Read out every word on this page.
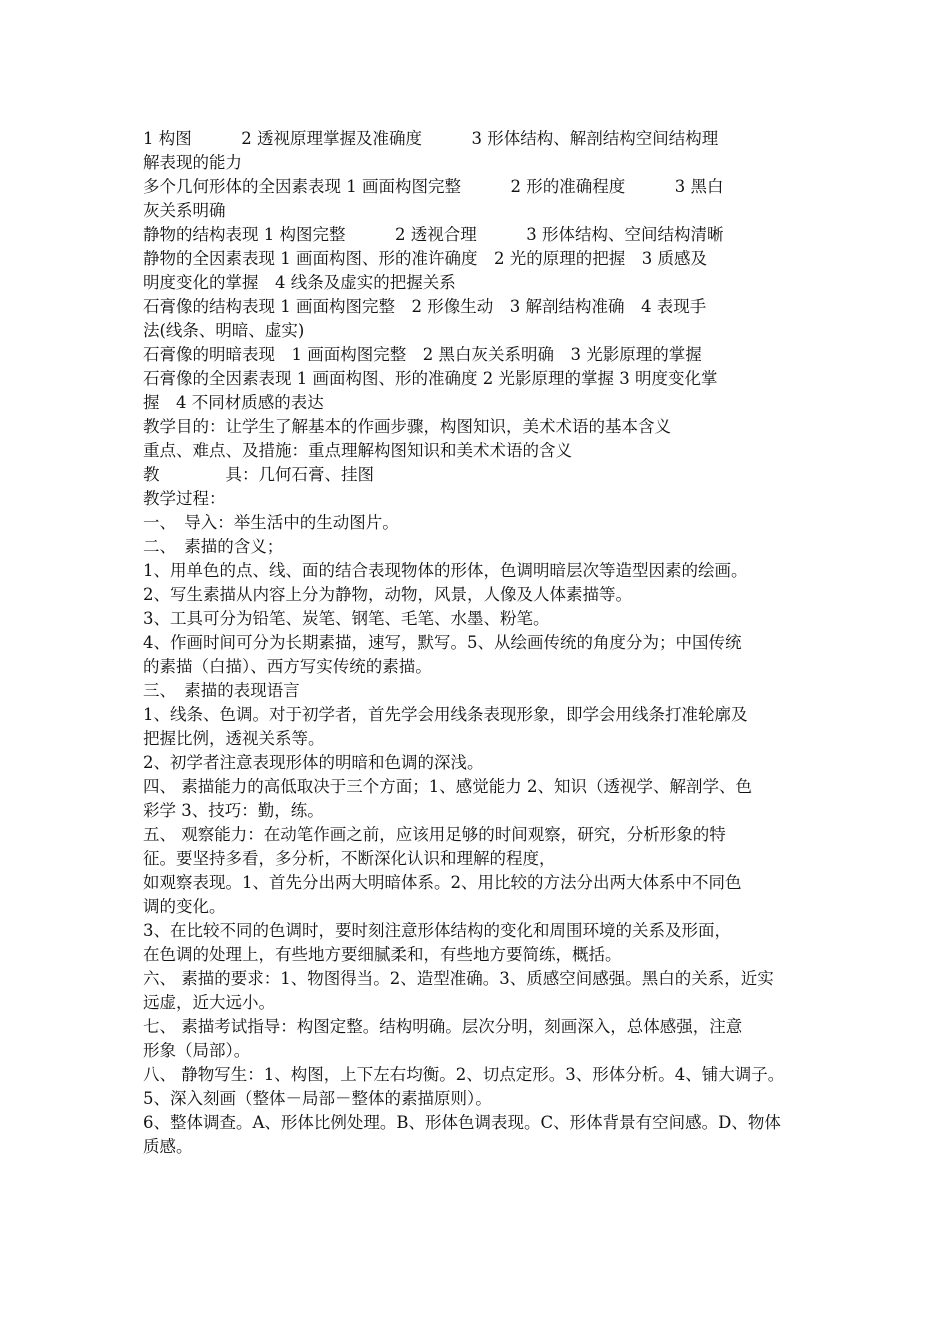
1 构图　　　2 透视原理掌握及准确度　　　3 形体结构、解剖结构空间结构理
解表现的能力
多个几何形体的全因素表现 1 画面构图完整　　　2 形的准确程度　　　3 黑白
灰关系明确
静物的结构表现 1 构图完整　　　2 透视合理　　　3 形体结构、空间结构清晰
静物的全因素表现 1 画面构图、形的准许确度　2 光的原理的把握　3 质感及
明度变化的掌握　4 线条及虚实的把握关系
石膏像的结构表现 1 画面构图完整　2 形像生动　3 解剖结构准确　4 表现手
法(线条、明暗、虚实)
石膏像的明暗表现　1 画面构图完整　2 黑白灰关系明确　3 光影原理的掌握
石膏像的全因素表现 1 画面构图、形的准确度 2 光影原理的掌握 3 明度变化掌
握　4 不同材质感的表达
教学目的：让学生了解基本的作画步骤，构图知识，美术术语的基本含义
重点、难点、及措施：重点理解构图知识和美术术语的含义
教　　　　具：几何石膏、挂图
教学过程：
一、　导入：举生活中的生动图片。
二、　素描的含义；
1、用单色的点、线、面的结合表现物体的形体，色调明暗层次等造型因素的绘画。
2、写生素描从内容上分为静物，动物，风景，人像及人体素描等。
3、工具可分为铅笔、炭笔、钢笔、毛笔、水墨、粉笔。
4、作画时间可分为长期素描，速写，默写。5、从绘画传统的角度分为；中国传统
的素描（白描）、西方写实传统的素描。
三、　素描的表现语言
1、线条、色调。对于初学者，首先学会用线条表现形象，即学会用线条打准轮廓及
把握比例，透视关系等。
2、初学者注意表现形体的明暗和色调的深浅。
四、 素描能力的高低取决于三个方面；1、感觉能力 2、知识（透视学、解剖学、色
彩学 3、技巧：勤，练。
五、 观察能力：在动笔作画之前，应该用足够的时间观察，研究，分析形象的特
征。要坚持多看，多分析，不断深化认识和理解的程度，
如观察表现。1、首先分出两大明暗体系。2、用比较的方法分出两大体系中不同色
调的变化。
3、在比较不同的色调时，要时刻注意形体结构的变化和周围环境的关系及形面，
在色调的处理上，有些地方要细腻柔和，有些地方要简练，概括。
六、 素描的要求：1、物图得当。2、造型准确。3、质感空间感强。黑白的关系，近实
远虚，近大远小。
七、 素描考试指导：构图定整。结构明确。层次分明，刻画深入，总体感强，注意
形象（局部）。
八、 静物写生：1、构图，上下左右均衡。2、切点定形。3、形体分析。4、铺大调子。
5、深入刻画（整体－局部－整体的素描原则）。
6、整体调查。A、形体比例处理。B、形体色调表现。C、形体背景有空间感。D、物体
质感。
